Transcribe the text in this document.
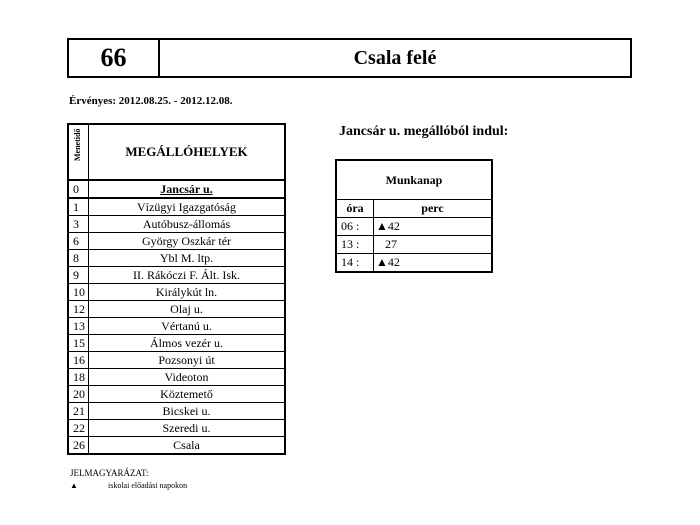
66	Csala felé
Érvényes: 2012.08.25. - 2012.12.08.
Menetidő	MEGÁLLÓHELYEK
0	Jancsár u.
1	Vízügyi Igazgatóság
3	Autóbusz-állomás
6	György Oszkár tér
8	Ybl M. ltp.
9	II. Rákóczi F. Ált. Isk.
10	Királykút ln.
12	Olaj u.
13	Vértanú u.
15	Álmos vezér u.
16	Pozsonyi út
18	Videoton
20	Köztemető
21	Bicskei u.
22	Szeredi u.
26	Csala
Jancsár u. megállóból indul:
Munkanap	
óra	perc
06 :	▲42
13 :	27
14 :	▲42
JELMAGYARÁZAT:
▲	iskolai előadási napokon
